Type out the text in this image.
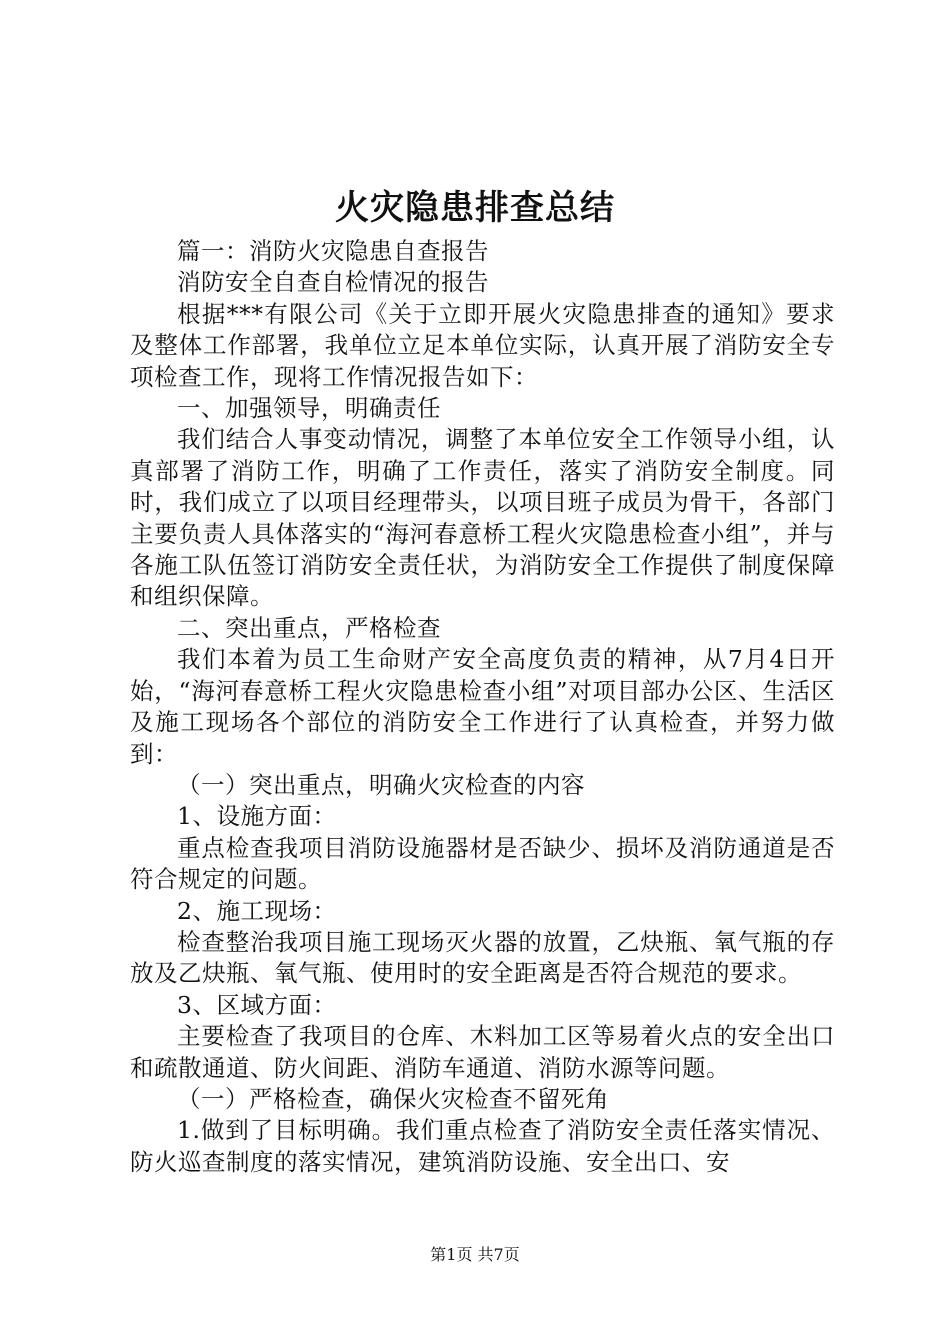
火灾隐患排查总结

篇一：消防火灾隐患自查报告

消防安全自查自检情况的报告

根据***有限公司《关于立即开展火灾隐患排查的通知》要求及整体工作部署，我单位立足本单位实际，认真开展了消防安全专项检查工作，现将工作情况报告如下：

一、加强领导，明确责任

我们结合人事变动情况，调整了本单位安全工作领导小组，认真部署了消防工作，明确了工作责任，落实了消防安全制度。同时，我们成立了以项目经理带头，以项目班子成员为骨干，各部门主要负责人具体落实的“海河春意桥工程火灾隐患检查小组”，并与各施工队伍签订消防安全责任状，为消防安全工作提供了制度保障和组织保障。

二、突出重点，严格检查

我们本着为员工生命财产安全高度负责的精神，从7月4日开始，“海河春意桥工程火灾隐患检查小组”对项目部办公区、生活区及施工现场各个部位的消防安全工作进行了认真检查，并努力做到：

（一）突出重点，明确火灾检查的内容

1、设施方面：

重点检查我项目消防设施器材是否缺少、损坏及消防通道是否符合规定的问题。

2、施工现场：

检查整治我项目施工现场灭火器的放置，乙炔瓶、氧气瓶的存放及乙炔瓶、氧气瓶、使用时的安全距离是否符合规范的要求。

3、区域方面：

主要检查了我项目的仓库、木料加工区等易着火点的安全出口和疏散通道、防火间距、消防车通道、消防水源等问题。

（一）严格检查，确保火灾检查不留死角

1.做到了目标明确。我们重点检查了消防安全责任落实情况、防火巡查制度的落实情况，建筑消防设施、安全出口、安

第1页 共7页
